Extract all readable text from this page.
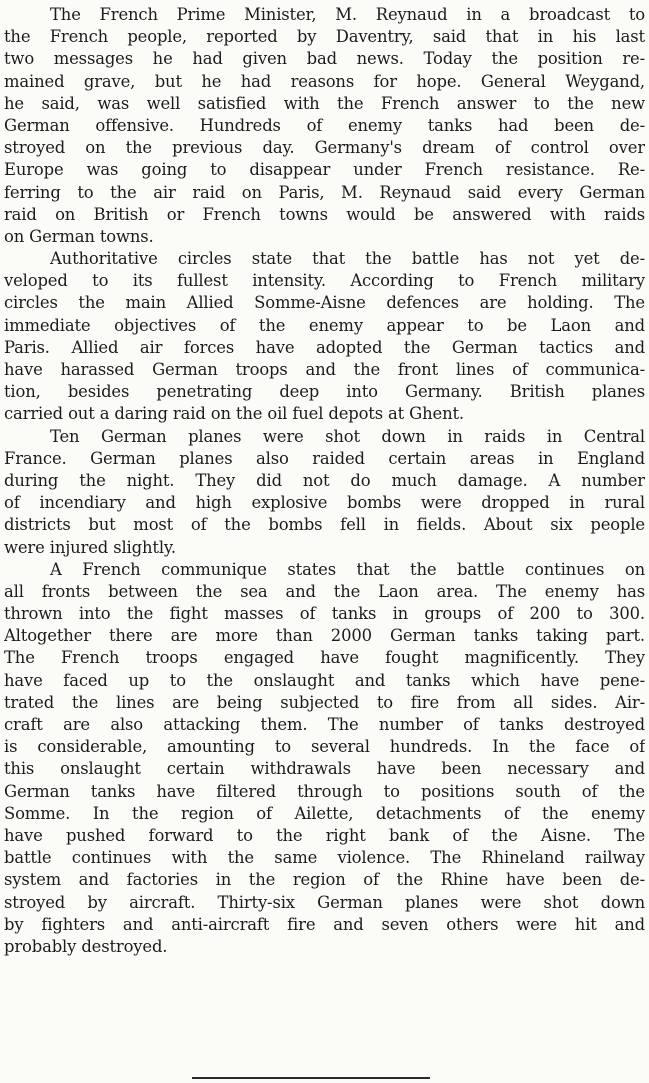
The French Prime Minister, M. Reynaud in a broadcast to
the French people, reported by Daventry, said that in his last
two messages he had given bad news. Today the position re-
mained grave, but he had reasons for hope. General Weygand,
he said, was well satisfied with the French answer to the new
German offensive. Hundreds of enemy tanks had been de-
stroyed on the previous day. Germany's dream of control over
Europe was going to disappear under French resistance. Re-
ferring to the air raid on Paris, M. Reynaud said every German
raid on British or French towns would be answered with raids
on German towns.
Authoritative circles state that the battle has not yet de-
veloped to its fullest intensity. According to French military
circles the main Allied Somme-Aisne defences are holding. The
immediate objectives of the enemy appear to be Laon and
Paris. Allied air forces have adopted the German tactics and
have harassed German troops and the front lines of communica-
tion, besides penetrating deep into Germany. British planes
carried out a daring raid on the oil fuel depots at Ghent.
Ten German planes were shot down in raids in Central
France. German planes also raided certain areas in England
during the night. They did not do much damage. A number
of incendiary and high explosive bombs were dropped in rural
districts but most of the bombs fell in fields. About six people
were injured slightly.
A French communique states that the battle continues on
all fronts between the sea and the Laon area. The enemy has
thrown into the fight masses of tanks in groups of 200 to 300.
Altogether there are more than 2000 German tanks taking part.
The French troops engaged have fought magnificently. They
have faced up to the onslaught and tanks which have pene-
trated the lines are being subjected to fire from all sides. Air-
craft are also attacking them. The number of tanks destroyed
is considerable, amounting to several hundreds. In the face of
this onslaught certain withdrawals have been necessary and
German tanks have filtered through to positions south of the
Somme. In the region of Ailette, detachments of the enemy
have pushed forward to the right bank of the Aisne. The
battle continues with the same violence. The Rhineland railway
system and factories in the region of the Rhine have been de-
stroyed by aircraft. Thirty-six German planes were shot down
by fighters and anti-aircraft fire and seven others were hit and
probably destroyed.
